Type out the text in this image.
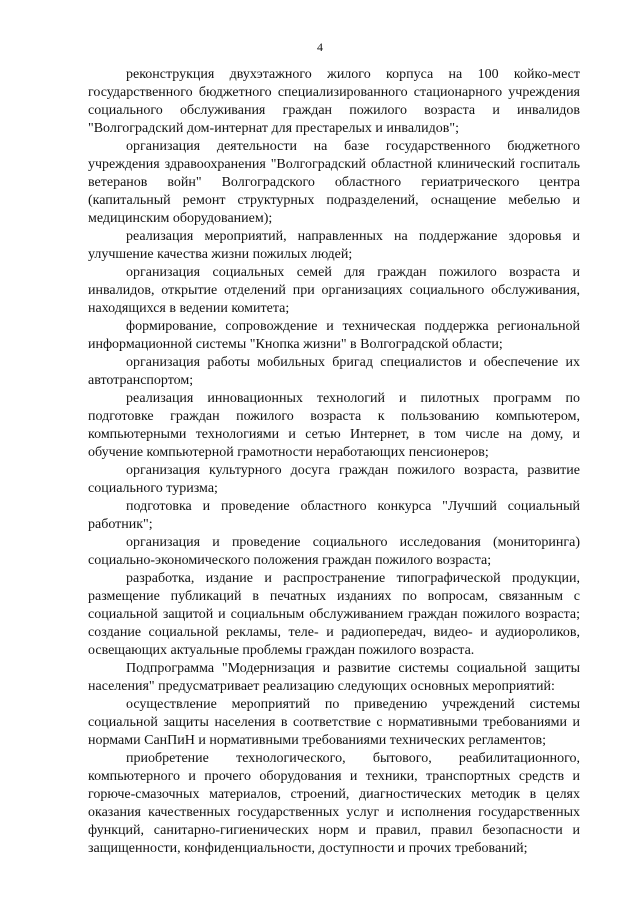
4

реконструкция двухэтажного жилого корпуса на 100 койко-мест государственного бюджетного специализированного стационарного учреждения социального обслуживания граждан пожилого возраста и инвалидов "Волгоградский дом-интернат для престарелых и инвалидов";

организация деятельности на базе государственного бюджетного учреждения здравоохранения "Волгоградский областной клинический госпиталь ветеранов войн" Волгоградского областного гериатрического центра (капитальный ремонт структурных подразделений, оснащение мебелью и медицинским оборудованием);

реализация мероприятий, направленных на поддержание здоровья и улучшение качества жизни пожилых людей;

организация социальных семей для граждан пожилого возраста и инвалидов, открытие отделений при организациях социального обслуживания, находящихся в ведении комитета;

формирование, сопровождение и техническая поддержка региональной информационной системы "Кнопка жизни" в Волгоградской области;

организация работы мобильных бригад специалистов и обеспечение их автотранспортом;

реализация инновационных технологий и пилотных программ по подготовке граждан пожилого возраста к пользованию компьютером, компьютерными технологиями и сетью Интернет, в том числе на дому, и обучение компьютерной грамотности неработающих пенсионеров;

организация культурного досуга граждан пожилого возраста, развитие социального туризма;

подготовка и проведение областного конкурса "Лучший социальный работник";

организация и проведение социального исследования (мониторинга) социально-экономического положения граждан пожилого возраста;

разработка, издание и распространение типографической продукции, размещение публикаций в печатных изданиях по вопросам, связанным с социальной защитой и социальным обслуживанием граждан пожилого возраста; создание социальной рекламы, теле- и радиопередач, видео- и аудиороликов, освещающих актуальные проблемы граждан пожилого возраста.

Подпрограмма "Модернизация и развитие системы социальной защиты населения" предусматривает реализацию следующих основных мероприятий:

осуществление мероприятий по приведению учреждений системы социальной защиты населения в соответствие с нормативными требованиями и нормами СанПиН и нормативными требованиями технических регламентов;

приобретение технологического, бытового, реабилитационного, компьютерного и прочего оборудования и техники, транспортных средств и горюче-смазочных материалов, строений, диагностических методик в целях оказания качественных государственных услуг и исполнения государственных функций, санитарно-гигиенических норм и правил, правил безопасности и защищенности, конфиденциальности, доступности и прочих требований;
